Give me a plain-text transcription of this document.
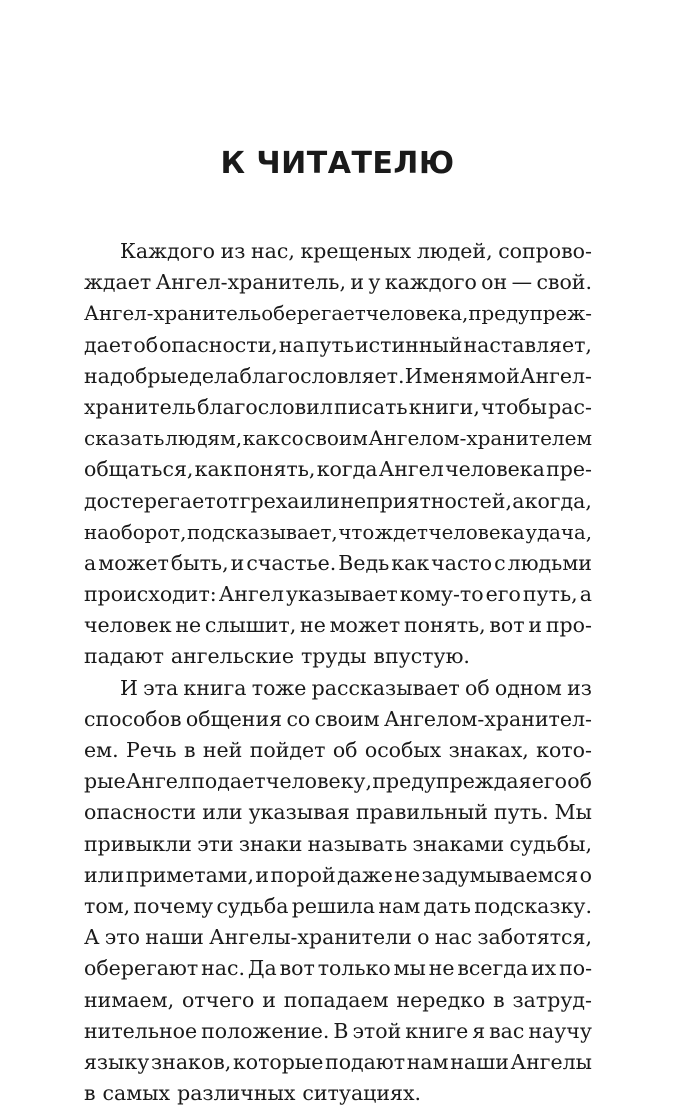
К ЧИТАТЕЛЮ
Каждого из нас, крещеных людей, сопрово-
ждает Ангел-хранитель, и у каждого он — свой.
Ангел-хранитель оберегает человека, предупреж-
дает об опасности, на путь истинный наставляет,
на добрые дела благословляет. И меня мой Ангел-
хранитель благословил писать книги, чтобы рас-
сказать людям, как со своим Ангелом-хранителем
общаться, как понять, когда Ангел человека пре-
достерегает от греха или неприятностей, а когда,
наоборот, подсказывает, что ждет человека удача,
а может быть, и счастье. Ведь как часто с людьми
происходит: Ангел указывает кому-то его путь, а
человек не слышит, не может понять, вот и про-
падают ангельские труды впустую.
И эта книга тоже рассказывает об одном из
способов общения со своим Ангелом-хранител-
ем. Речь в ней пойдет об особых знаках, кото-
рые Ангел подает человеку, предупреждая его об
опасности или указывая правильный путь. Мы
привыкли эти знаки называть знаками судьбы,
или приметами, и порой даже не задумываемся о
том, почему судьба решила нам дать подсказку.
А это наши Ангелы-хранители о нас заботятся,
оберегают нас. Да вот только мы не всегда их по-
нимаем, отчего и попадаем нередко в затруд-
нительное положение. В этой книге я вас научу
языку знаков, которые подают нам наши Ангелы
в самых различных ситуациях.
